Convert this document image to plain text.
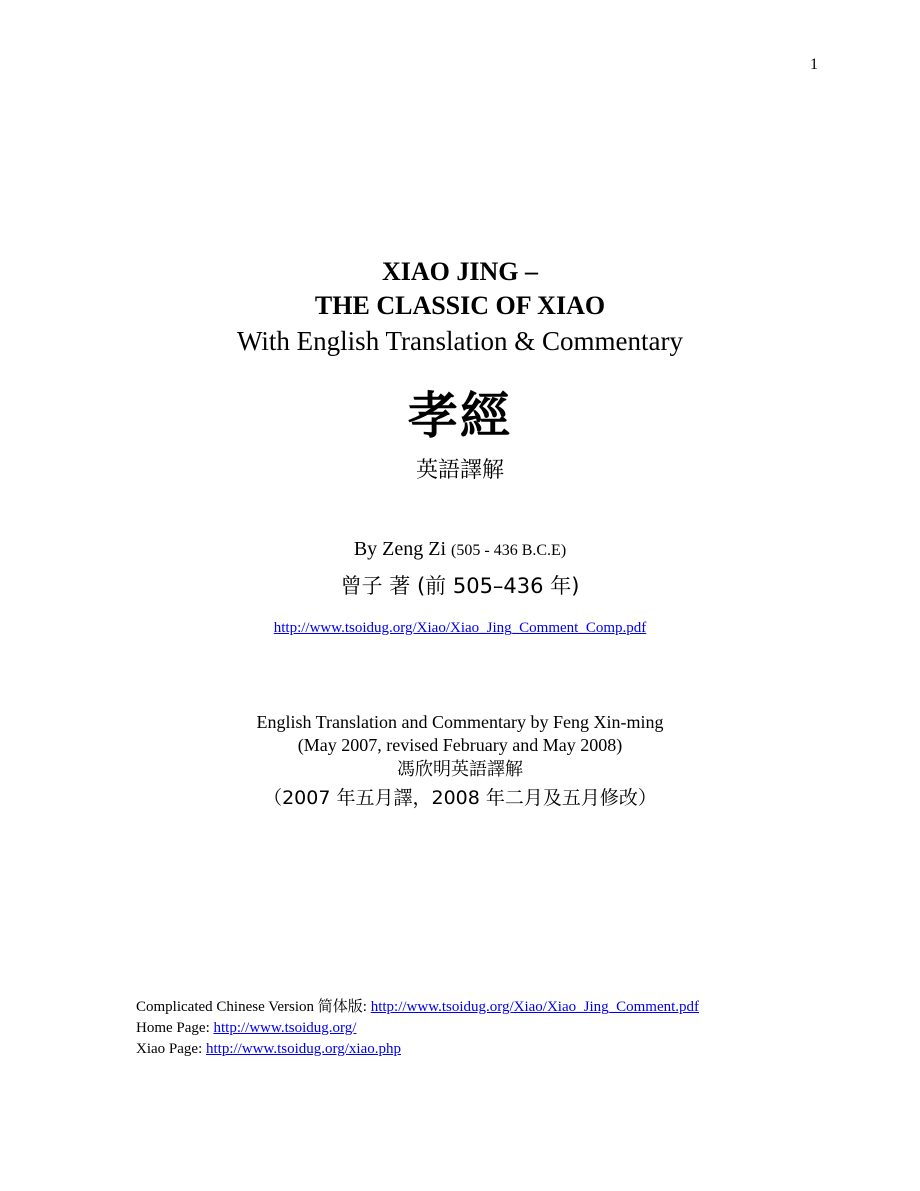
1
XIAO JING –
THE CLASSIC OF XIAO
With English Translation & Commentary
孝經
英語譯解
By Zeng Zi (505 - 436 B.C.E)
曾子 著 (前 505–436 年)
http://www.tsoidug.org/Xiao/Xiao_Jing_Comment_Comp.pdf
English Translation and Commentary by Feng Xin-ming
(May 2007, revised February and May 2008)
馮欣明英語譯解
（2007 年五月譯，2008 年二月及五月修改）
Complicated Chinese Version 简体版: http://www.tsoidug.org/Xiao/Xiao_Jing_Comment.pdf
Home Page: http://www.tsoidug.org/
Xiao Page: http://www.tsoidug.org/xiao.php
